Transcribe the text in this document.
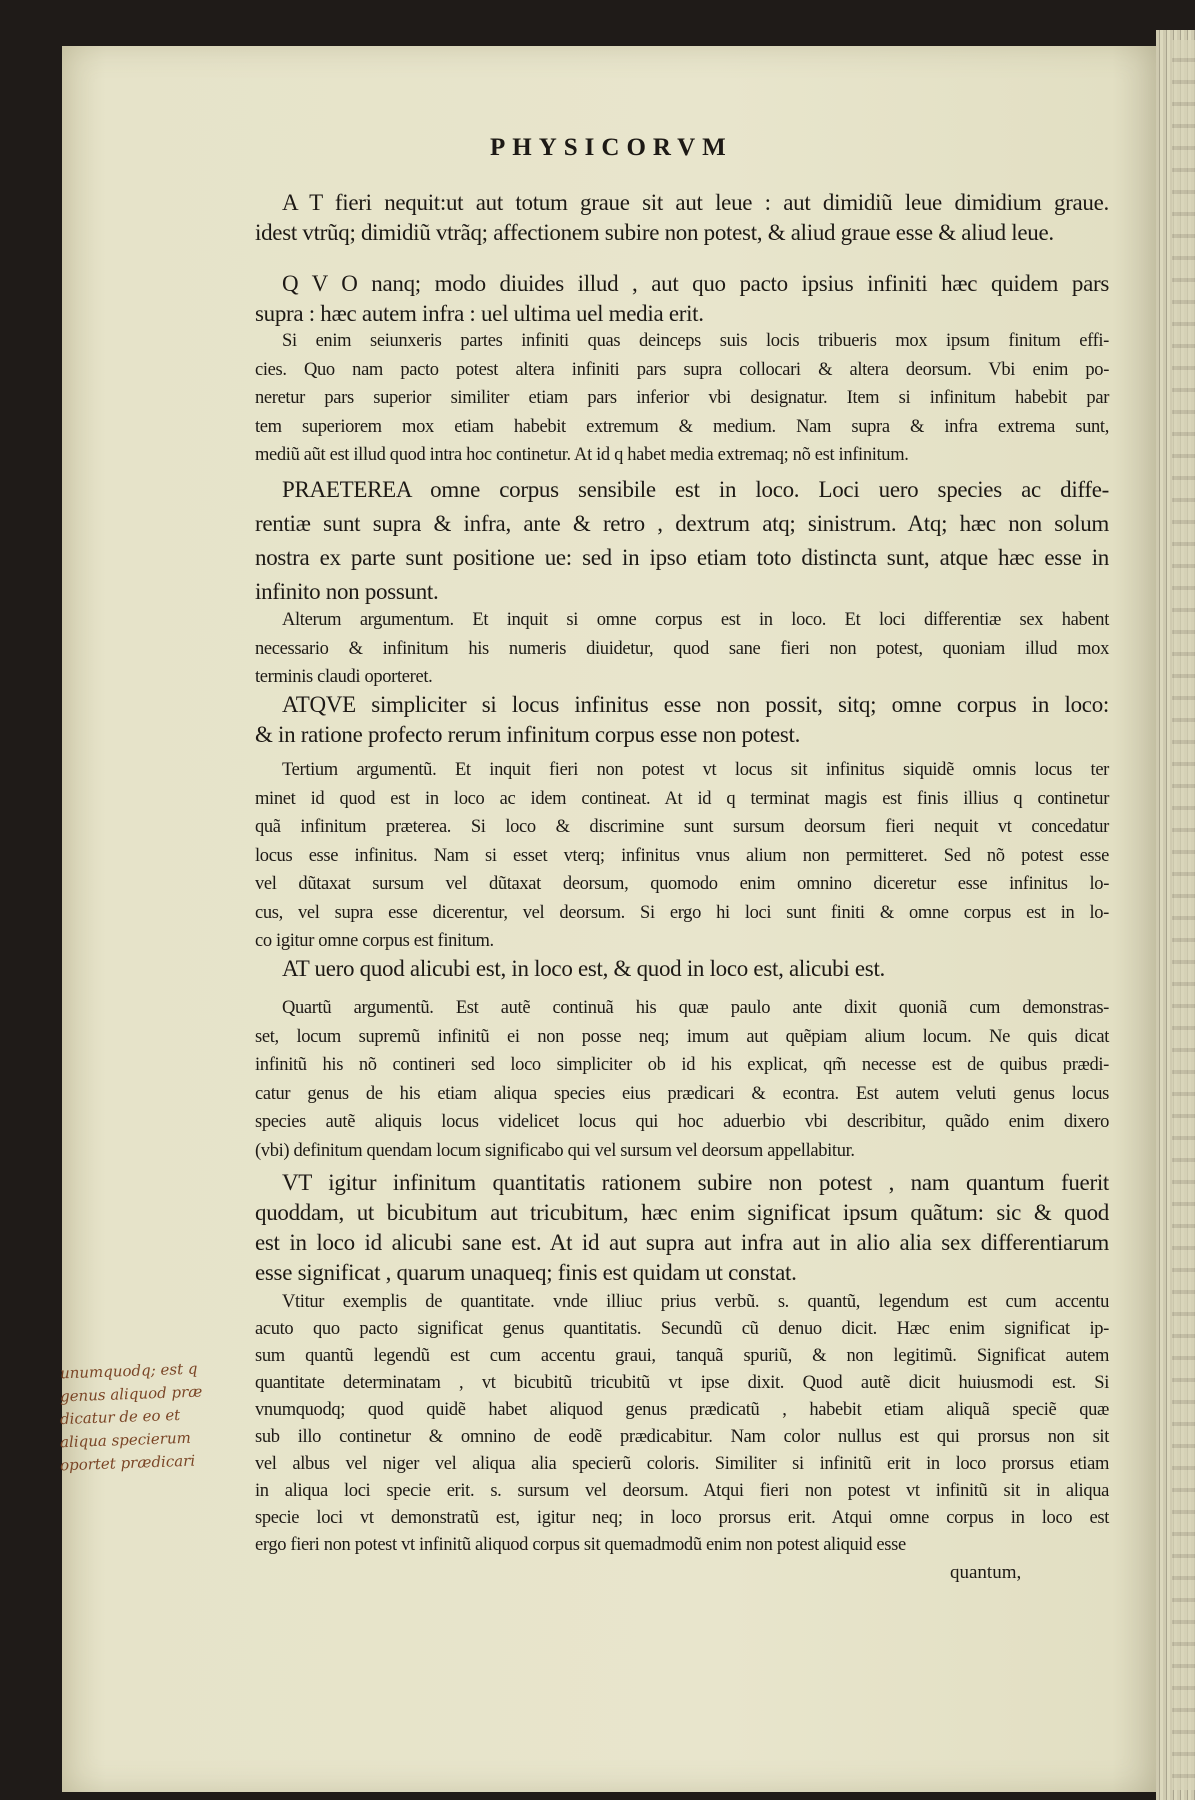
PHYSICORVM
A T fieri nequit:ut aut totum graue sit aut leue : aut dimidiũ leue dimidium graue.
idest vtrũq; dimidiũ vtrãq; affectionem subire non potest, & aliud graue esse & aliud leue.
Q V O nanq; modo diuides illud , aut quo pacto ipsius infiniti hæc quidem pars
supra : hæc autem infra : uel ultima uel media erit.
Si enim seiunxeris partes infiniti quas deinceps suis locis tribueris mox ipsum finitum effi-
cies. Quo nam pacto potest altera infiniti pars supra collocari & altera deorsum. Vbi enim po-
neretur pars superior similiter etiam pars inferior vbi designatur. Item si infinitum habebit par
tem superiorem mox etiam habebit extremum & medium. Nam supra & infra extrema sunt,
mediũ aũt est illud quod intra hoc continetur. At id q habet media extremaq; nõ est infinitum.
PRAETEREA omne corpus sensibile est in loco. Loci uero species ac diffe-
rentiæ sunt supra & infra, ante & retro , dextrum atq; sinistrum. Atq; hæc non solum
nostra ex parte sunt positione ue: sed in ipso etiam toto distincta sunt, atque hæc esse in
infinito non possunt.
Alterum argumentum. Et inquit si omne corpus est in loco. Et loci differentiæ sex habent
necessario & infinitum his numeris diuidetur, quod sane fieri non potest, quoniam illud mox
terminis claudi oporteret.
ATQVE simpliciter si locus infinitus esse non possit, sitq; omne corpus in loco:
& in ratione profecto rerum infinitum corpus esse non potest.
Tertium argumentũ. Et inquit fieri non potest vt locus sit infinitus siquidẽ omnis locus ter
minet id quod est in loco ac idem contineat. At id q terminat magis est finis illius q continetur
quã infinitum præterea. Si loco & discrimine sunt sursum deorsum fieri nequit vt concedatur
locus esse infinitus. Nam si esset vterq; infinitus vnus alium non permitteret. Sed nõ potest esse
vel dũtaxat sursum vel dũtaxat deorsum, quomodo enim omnino diceretur esse infinitus lo-
cus, vel supra esse dicerentur, vel deorsum. Si ergo hi loci sunt finiti & omne corpus est in lo-
co igitur omne corpus est finitum.
AT uero quod alicubi est, in loco est, & quod in loco est, alicubi est.
Quartũ argumentũ. Est autẽ continuã his quæ paulo ante dixit quoniã cum demonstras-
set, locum supremũ infinitũ ei non posse neq; imum aut quẽpiam alium locum. Ne quis dicat
infinitũ his nõ contineri sed loco simpliciter ob id his explicat, qm̃ necesse est de quibus prædi-
catur genus de his etiam aliqua species eius prædicari & econtra. Est autem veluti genus locus
species autẽ aliquis locus videlicet locus qui hoc aduerbio vbi describitur, quãdo enim dixero
(vbi) definitum quendam locum significabo qui vel sursum vel deorsum appellabitur.
VT igitur infinitum quantitatis rationem subire non potest , nam quantum fuerit
quoddam, ut bicubitum aut tricubitum, hæc enim significat ipsum quãtum: sic & quod
est in loco id alicubi sane est. At id aut supra aut infra aut in alio alia sex differentiarum
esse significat , quarum unaqueq; finis est quidam ut constat.
Vtitur exemplis de quantitate. vnde illiuc prius verbũ. s. quantũ, legendum est cum accentu
acuto quo pacto significat genus quantitatis. Secundũ cũ denuo dicit. Hæc enim significat ip-
sum quantũ legendũ est cum accentu graui, tanquã spuriũ, & non legitimũ. Significat autem
quantitate determinatam , vt bicubitũ tricubitũ vt ipse dixit. Quod autẽ dicit huiusmodi est. Si
vnumquodq; quod quidẽ habet aliquod genus prædicatũ , habebit etiam aliquã speciẽ quæ
sub illo continetur & omnino de eodẽ prædicabitur. Nam color nullus est qui prorsus non sit
vel albus vel niger vel aliqua alia specierũ coloris. Similiter si infinitũ erit in loco prorsus etiam
in aliqua loci specie erit. s. sursum vel deorsum. Atqui fieri non potest vt infinitũ sit in aliqua
specie loci vt demonstratũ est, igitur neq; in loco prorsus erit. Atqui omne corpus in loco est
ergo fieri non potest vt infinitũ aliquod corpus sit quemadmodũ enim non potest aliquid esse
unumquodq; est q
genus aliquod præ
dicatur de eo et
aliqua specierum
oportet prædicari
quantum,
